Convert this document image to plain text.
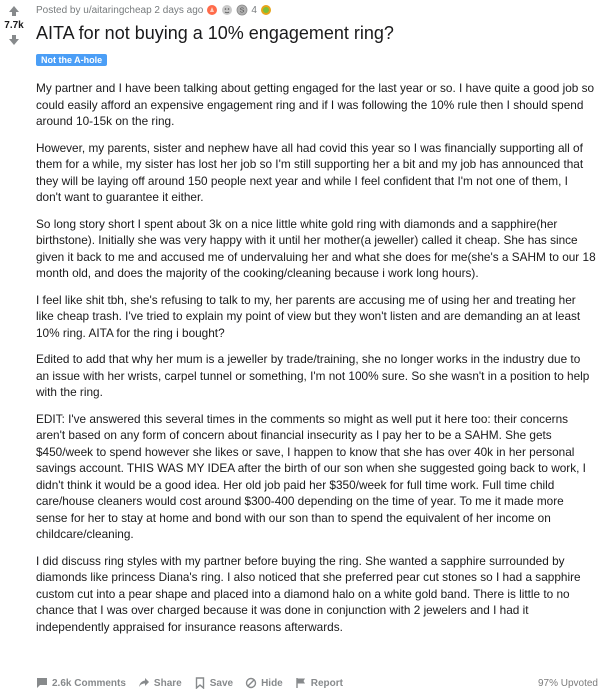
7.7k
Posted by u/aitaringcheap 2 days ago	S 4
AITA for not buying a 10% engagement ring?
Not the A-hole

My partner and I have been talking about getting engaged for the last year or so. I have quite a good job so could easily afford an expensive engagement ring and if I was following the 10% rule then I should spend around 10-15k on the ring.

However, my parents, sister and nephew have all had covid this year so I was financially supporting all of them for a while, my sister has lost her job so I'm still supporting her a bit and my job has announced that they will be laying off around 150 people next year and while I feel confident that I'm not one of them, I don't want to guarantee it either.

So long story short I spent about 3k on a nice little white gold ring with diamonds and a sapphire(her birthstone). Initially she was very happy with it until her mother(a jeweller) called it cheap. She has since given it back to me and accused me of undervaluing her and what she does for me(she's a SAHM to our 18 month old, and does the majority of the cooking/cleaning because i work long hours).

I feel like shit tbh, she's refusing to talk to my, her parents are accusing me of using her and treating her like cheap trash. I've tried to explain my point of view but they won't listen and are demanding an at least 10% ring. AITA for the ring i bought?

Edited to add that why her mum is a jeweller by trade/training, she no longer works in the industry due to an issue with her wrists, carpel tunnel or something, I'm not 100% sure. So she wasn't in a position to help with the ring.

EDIT: I've answered this several times in the comments so might as well put it here too: their concerns aren't based on any form of concern about financial insecurity as I pay her to be a SAHM. She gets $450/week to spend however she likes or save, I happen to know that she has over 40k in her personal savings account. THIS WAS MY IDEA after the birth of our son when she suggested going back to work, I didn't think it would be a good idea. Her old job paid her $350/week for full time work. Full time child care/house cleaners would cost around $300-400 depending on the time of year. To me it made more sense for her to stay at home and bond with our son than to spend the equivalent of her income on childcare/cleaning.

I did discuss ring styles with my partner before buying the ring. She wanted a sapphire surrounded by diamonds like princess Diana's ring. I also noticed that she preferred pear cut stones so I had a sapphire custom cut into a pear shape and placed into a diamond halo on a white gold band. There is little to no chance that I was over charged because it was done in conjunction with 2 jewelers and I had it independently appraised for insurance reasons afterwards.

2.6k Comments	Share	Save	Hide	Report	97% Upvoted
